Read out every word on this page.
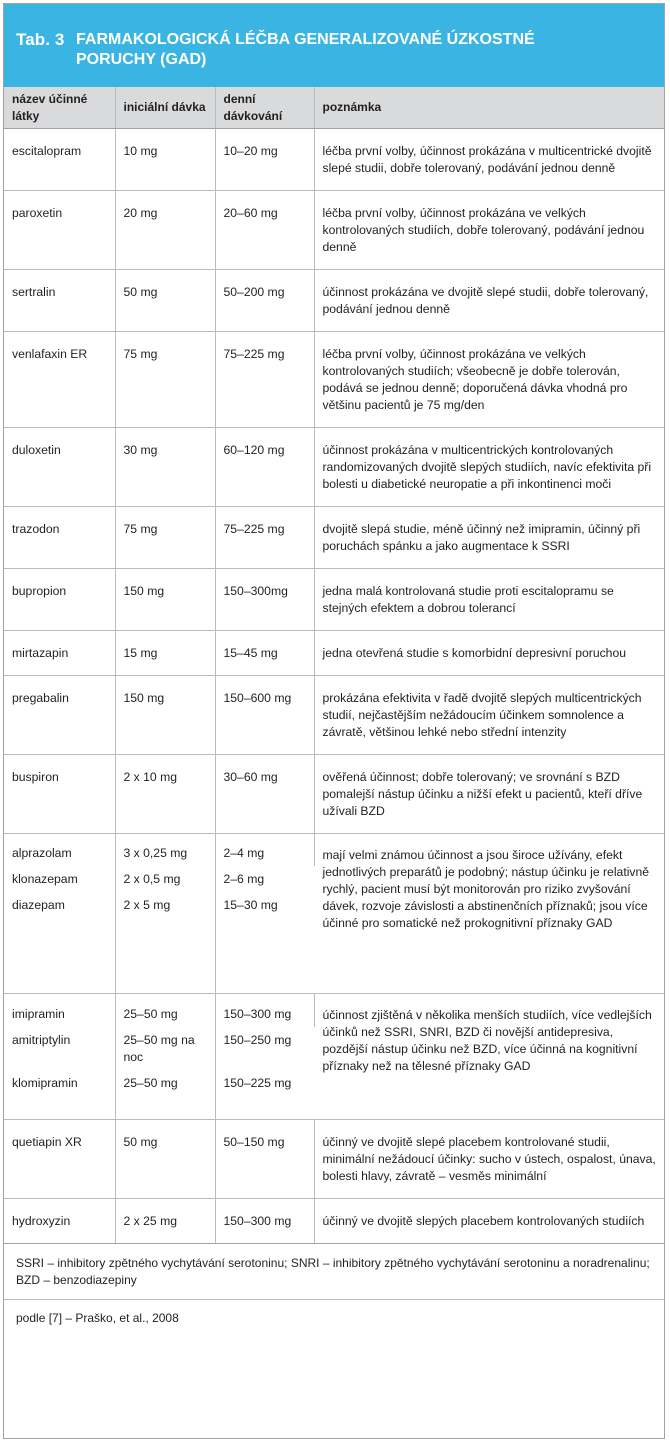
Tab. 3 FARMAKOLOGICKÁ LÉČBA GENERALIZOVANÉ ÚZKOSTNÉ PORUCHY (GAD)
název účinné látky	iniciální dávka	denní dávkování	poznámka
escitalopram	10 mg	10–20 mg	léčba první volby, účinnost prokázána v multicentrické dvojitě slepé studii, dobře tolerovaný, podávání jednou denně
paroxetin	20 mg	20–60 mg	léčba první volby, účinnost prokázána ve velkých kontrolovaných studiích, dobře tolerovaný, podávání jednou denně
sertralin	50 mg	50–200 mg	účinnost prokázána ve dvojitě slepé studii, dobře tolerovaný, podávání jednou denně
venlafaxin ER	75 mg	75–225 mg	léčba první volby, účinnost prokázána ve velkých kontrolovaných studiích; všeobecně je dobře tolerován, podává se jednou denně; doporučená dávka vhodná pro většinu pacientů je 75 mg/den
duloxetin	30 mg	60–120 mg	účinnost prokázána v multicentrických kontrolovaných randomizovaných dvojitě slepých studiích, navíc efektivita při bolesti u diabetické neuropatie a při inkontinenci moči
trazodon	75 mg	75–225 mg	dvojitě slepá studie, méně účinný než imipramin, účinný při poruchách spánku a jako augmentace k SSRI
bupropion	150 mg	150–300mg	jedna malá kontrolovaná studie proti escitalopramu se stejných efektem a dobrou tolerancí
mirtazapin	15 mg	15–45 mg	jedna otevřená studie s komorbidní depresivní poruchou
pregabalin	150 mg	150–600 mg	prokázána efektivita v řadě dvojitě slepých multicentrických studií, nejčastějším nežádoucím účinkem somnolence a závratě, většinou lehké nebo střední intenzity
buspiron	2 x 10 mg	30–60 mg	ověřená účinnost; dobře tolerovaný; ve srovnání s BZD pomalejší nástup účinku a nižší efekt u pacientů, kteří dříve užívali BZD
alprazolam	3 x 0,25 mg	2–4 mg	mají velmi známou účinnost a jsou široce užívány, efekt jednotlivých preparátů je podobný; nástup účinku je relativně rychlý, pacient musí být monitorován pro riziko zvyšování dávek, rozvoje závislosti a abstinenčních příznaků; jsou více účinné pro somatické než prokognitivní příznaky GAD
klonazepam	2 x 0,5 mg	2–6 mg	
diazepam	2 x 5 mg	15–30 mg	
imipramin	25–50 mg	150–300 mg	účinnost zjištěná v několika menších studiích, více vedlejších účinků než SSRI, SNRI, BZD či novější antidepresiva, pozdější nástup účinku než BZD, více účinná na kognitivní příznaky než na tělesné příznaky GAD
amitriptylin	25–50 mg na noc	150–250 mg	
klomipramin	25–50 mg	150–225 mg	
quetiapin XR	50 mg	50–150 mg	účinný ve dvojitě slepé placebem kontrolované studii, minimální nežádoucí účinky: sucho v ústech, ospalost, únava, bolesti hlavy, závratě – vesměs minimální
hydroxyzin	2 x 25 mg	150–300 mg	účinný ve dvojitě slepých placebem kontrolovaných studiích
SSRI – inhibitory zpětného vychytávání serotoninu; SNRI – inhibitory zpětného vychytávání serotoninu a noradrenalinu; BZD – benzodiazepiny
podle [7] – Praško, et al., 2008
